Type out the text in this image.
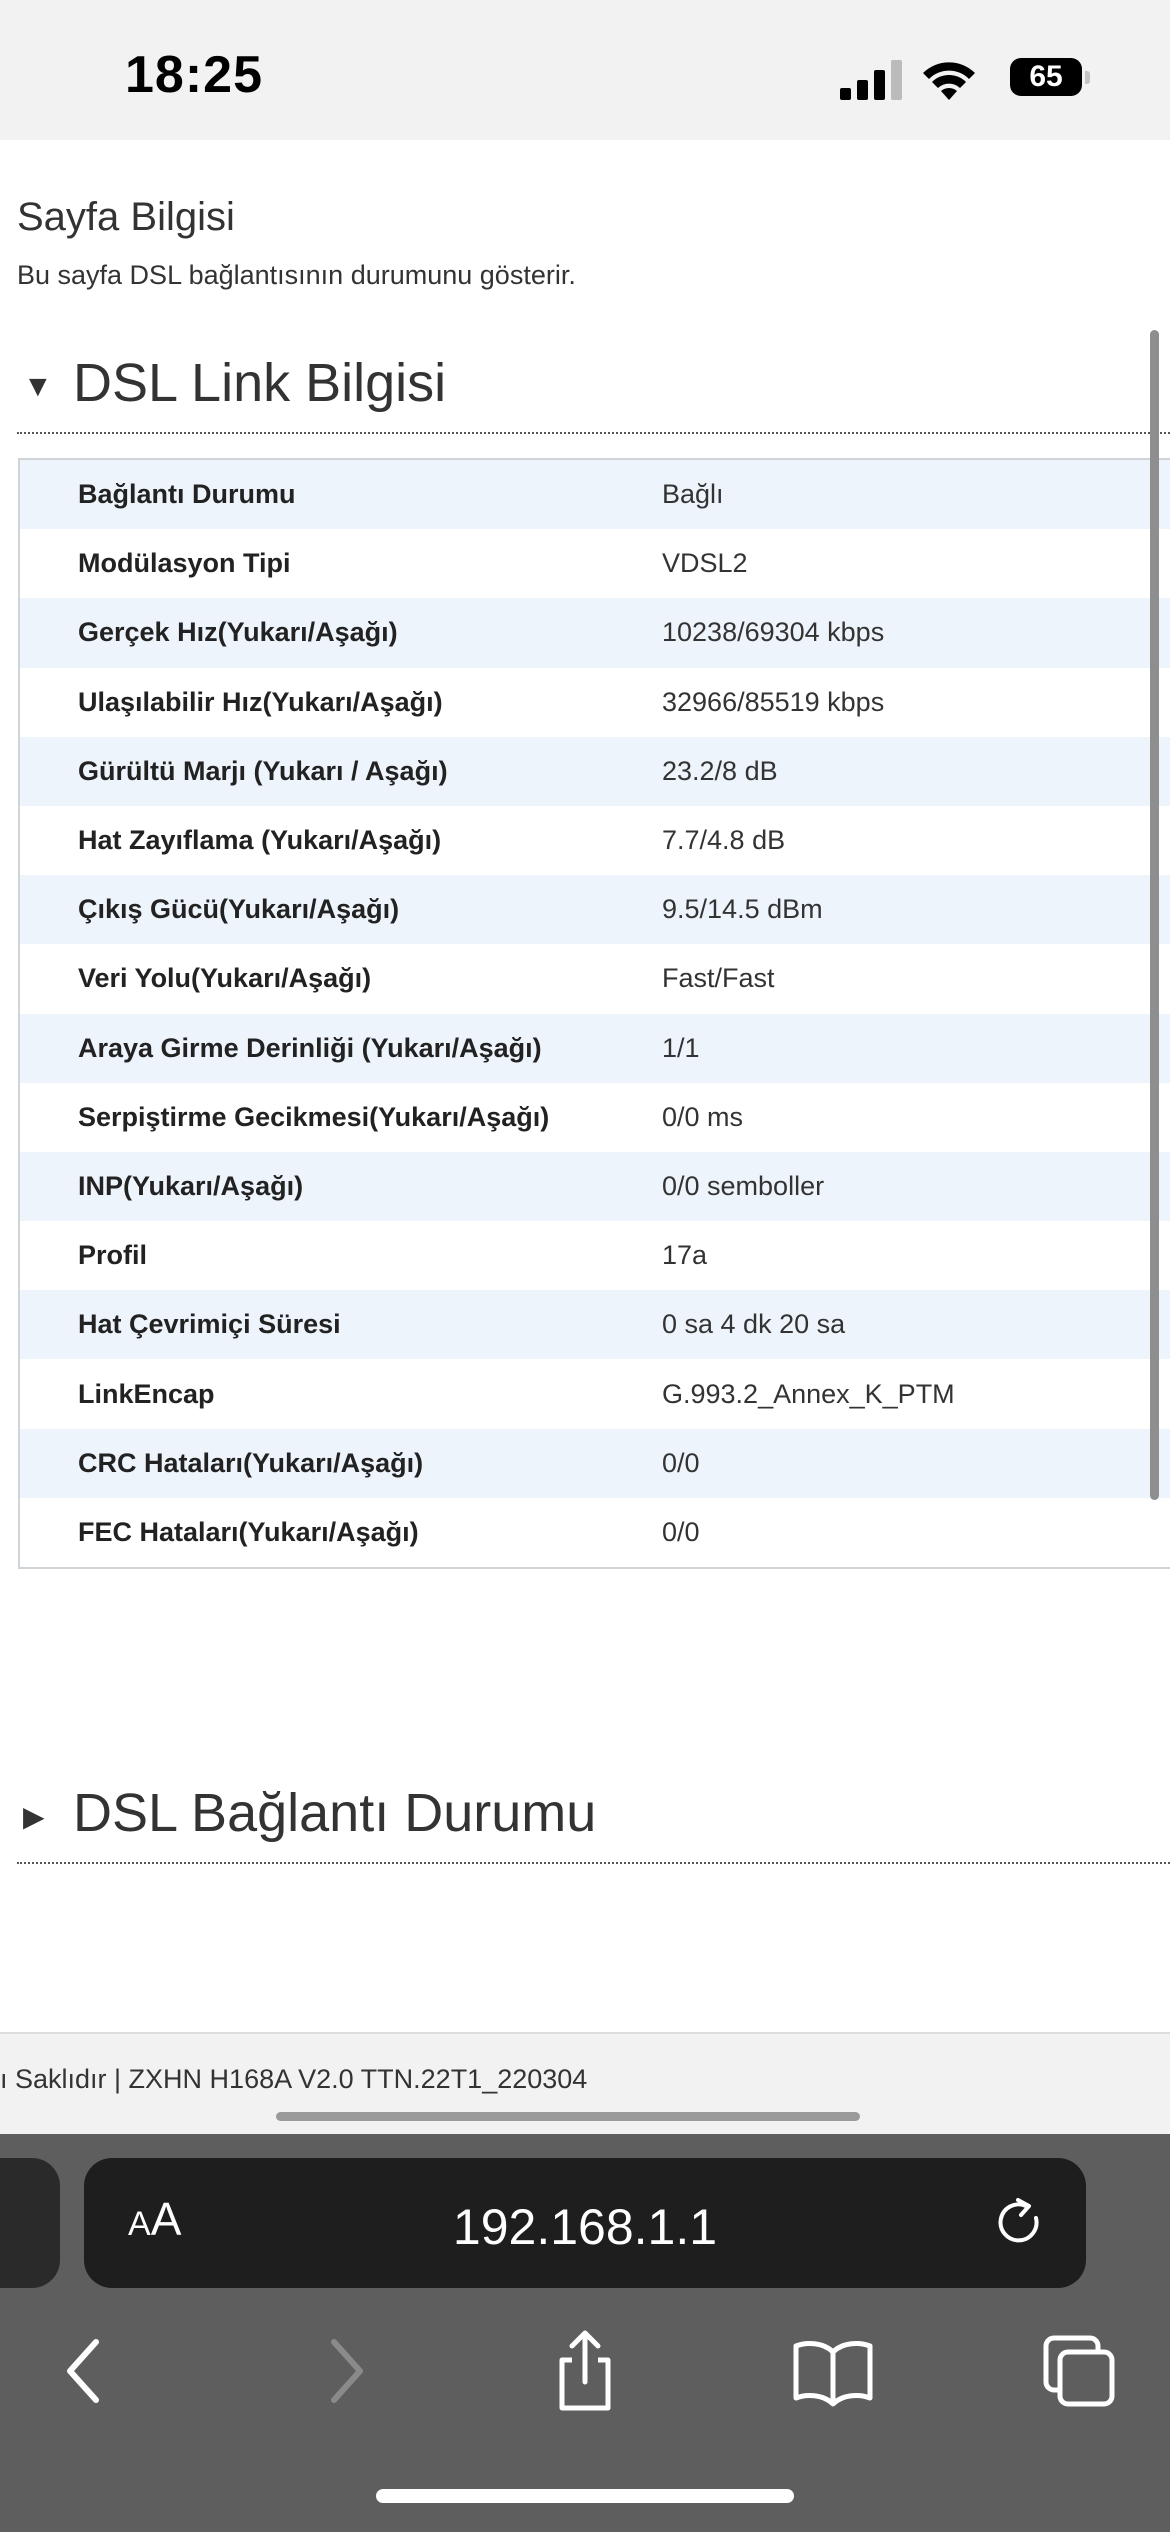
18:25	65
Sayfa Bilgisi
Bu sayfa DSL bağlantısının durumunu gösterir.
▼ DSL Link Bilgisi
Bağlantı Durumu	Bağlı
Modülasyon Tipi	VDSL2
Gerçek Hız(Yukarı/Aşağı)	10238/69304 kbps
Ulaşılabilir Hız(Yukarı/Aşağı)	32966/85519 kbps
Gürültü Marjı (Yukarı / Aşağı)	23.2/8 dB
Hat Zayıflama (Yukarı/Aşağı)	7.7/4.8 dB
Çıkış Gücü(Yukarı/Aşağı)	9.5/14.5 dBm
Veri Yolu(Yukarı/Aşağı)	Fast/Fast
Araya Girme Derinliği (Yukarı/Aşağı)	1/1
Serpiştirme Gecikmesi(Yukarı/Aşağı)	0/0 ms
INP(Yukarı/Aşağı)	0/0 semboller
Profil	17a
Hat Çevrimiçi Süresi	0 sa 4 dk 20 sa
LinkEncap	G.993.2_Annex_K_PTM
CRC Hataları(Yukarı/Aşağı)	0/0
FEC Hataları(Yukarı/Aşağı)	0/0
▶ DSL Bağlantı Durumu
ı Saklıdır | ZXHN H168A V2.0 TTN.22T1_220304
AA	192.168.1.1
